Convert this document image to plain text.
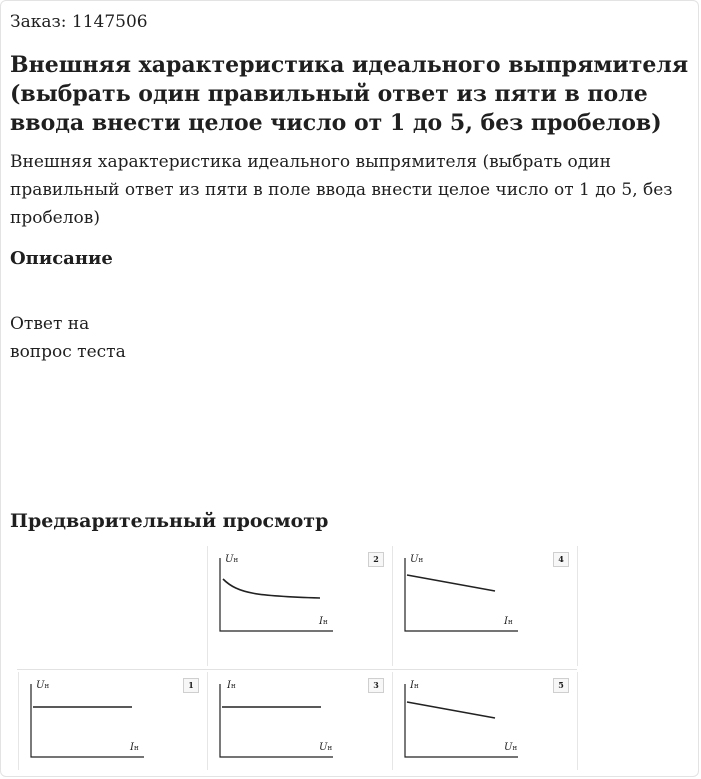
Заказ: 1147506
Внешняя характеристика идеального выпрямителя (выбрать один правильный ответ из пяти в поле ввода внести целое число от 1 до 5, без пробелов)
Внешняя характеристика идеального выпрямителя (выбрать один правильный ответ из пяти в поле ввода внести целое число от 1 до 5, без пробелов)
Описание
Ответ на
вопрос теста
Предварительный просмотр
Uн
Iн
2	Uн
Iн
4
Uн
Iн
1	Iн
Uн
3	Iн
Uн
5
